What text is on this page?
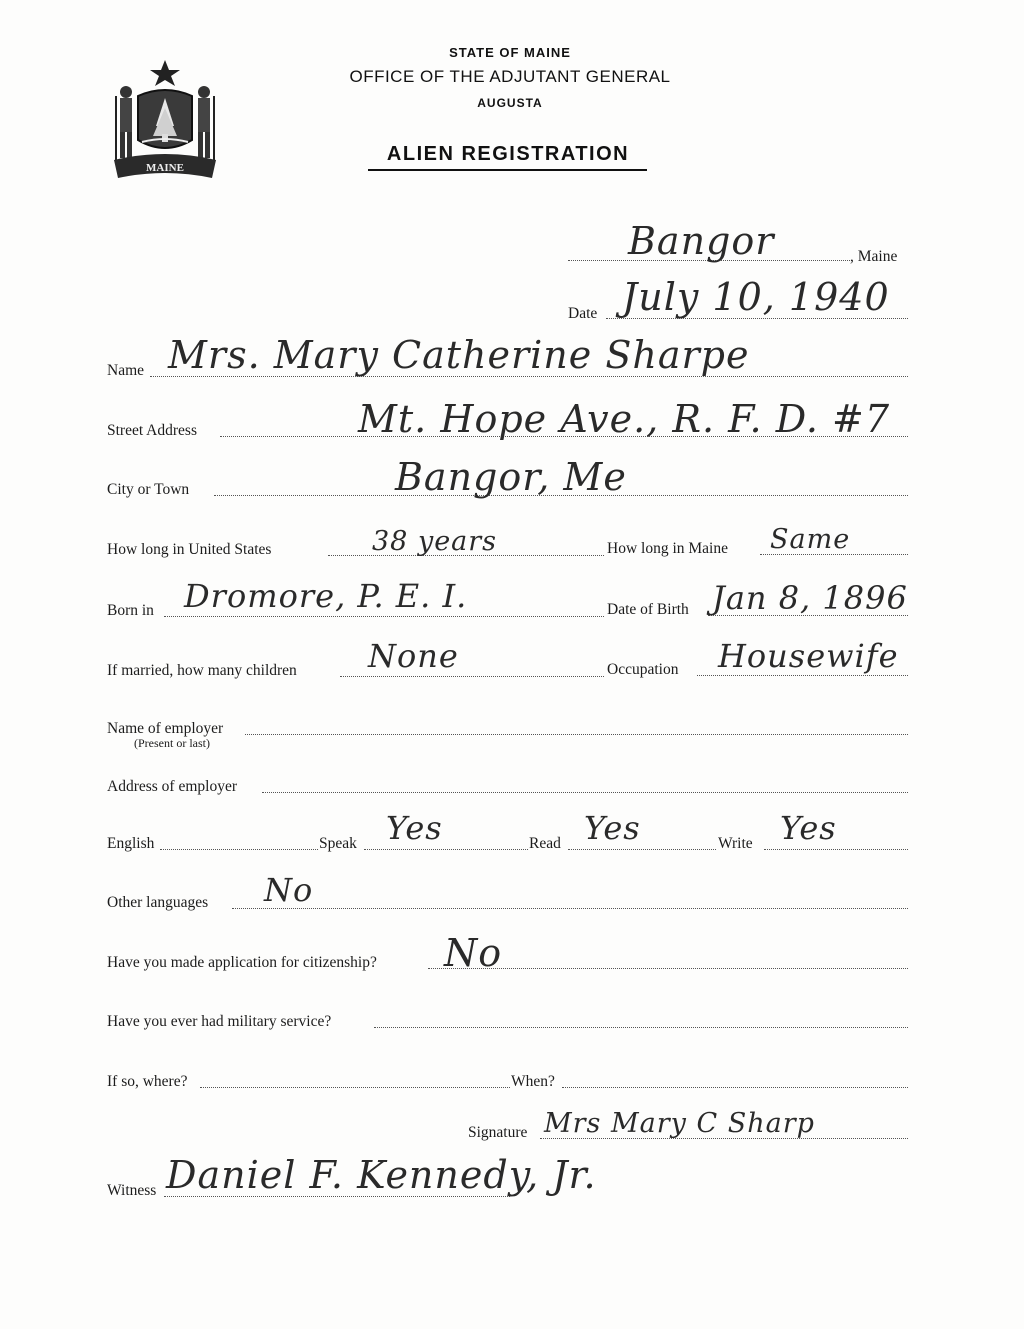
MAINE
STATE OF MAINE
OFFICE OF THE ADJUTANT GENERAL
AUGUSTA
ALIEN REGISTRATION
Bangor	, Maine
Date July 10, 1940
Name Mrs. Mary Catherine Sharpe
Street Address	Mt. Hope Ave., R. F. D. #7
City or Town	Bangor, Me
How long in United States	38 years	How long in Maine Same
Born in Dromore, P. E. I.	Date of Birth Jan 8, 1896
If married, how many children None	Occupation Housewife
Name of employer
(Present or last)
Address of employer
English	Speak Yes	Read Yes	Write Yes
Other languages No
Have you made application for citizenship? No
Have you ever had military service?
If so, where?	When?
Signature Mrs Mary C Sharp
Witness Daniel F. Kennedy, Jr.
